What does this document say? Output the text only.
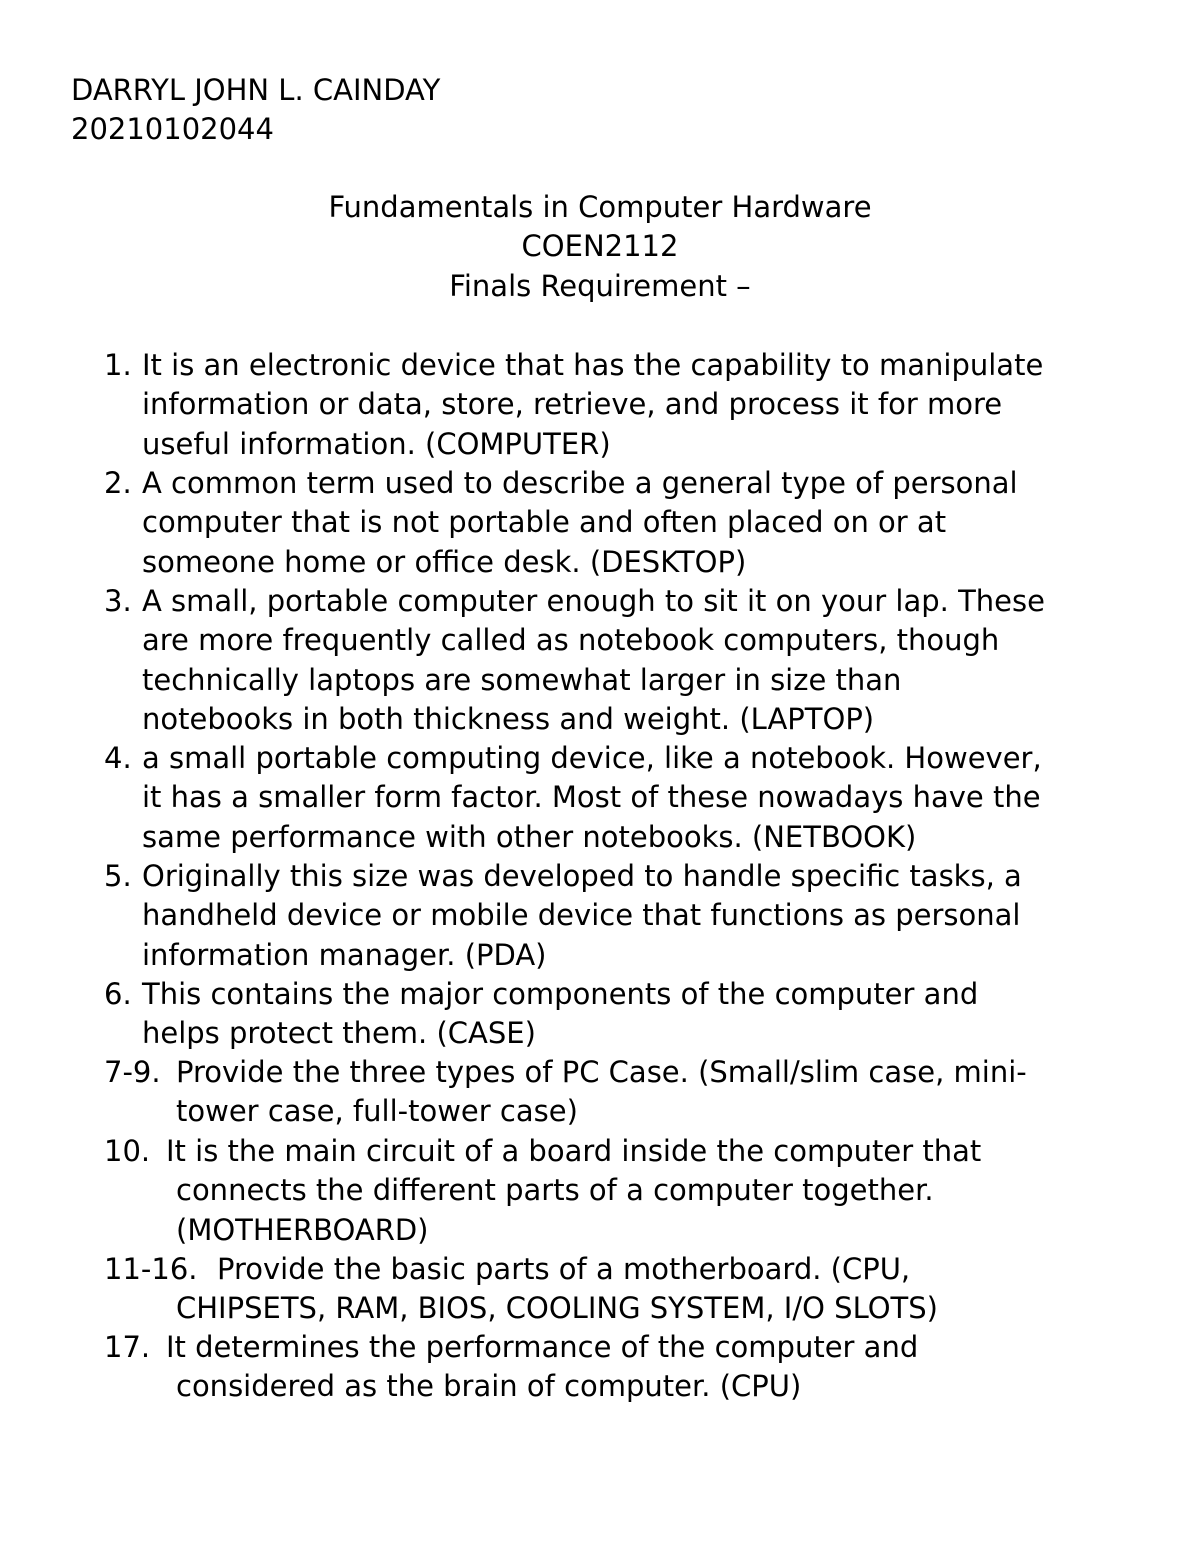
DARRYL JOHN L. CAINDAY

20210102044

Fundamentals in Computer Hardware

COEN2112

Finals Requirement –

1. It is an electronic device that has the capability to manipulate
information or data, store, retrieve, and process it for more
useful information. (COMPUTER)
2. A common term used to describe a general type of personal
computer that is not portable and often placed on or at
someone home or office desk. (DESKTOP)
3. A small, portable computer enough to sit it on your lap. These
are more frequently called as notebook computers, though
technically laptops are somewhat larger in size than
notebooks in both thickness and weight. (LAPTOP)
4. a small portable computing device, like a notebook. However,
it has a smaller form factor. Most of these nowadays have the
same performance with other notebooks. (NETBOOK)
5. Originally this size was developed to handle specific tasks, a
handheld device or mobile device that functions as personal
information manager. (PDA)
6. This contains the major components of the computer and
helps protect them. (CASE)
7-9. Provide the three types of PC Case. (Small/slim case, mini-
tower case, full-tower case)
10. It is the main circuit of a board inside the computer that
connects the different parts of a computer together.
(MOTHERBOARD)
11-16. Provide the basic parts of a motherboard. (CPU,
CHIPSETS, RAM, BIOS, COOLING SYSTEM, I/O SLOTS)
17. It determines the performance of the computer and
considered as the brain of computer. (CPU)
